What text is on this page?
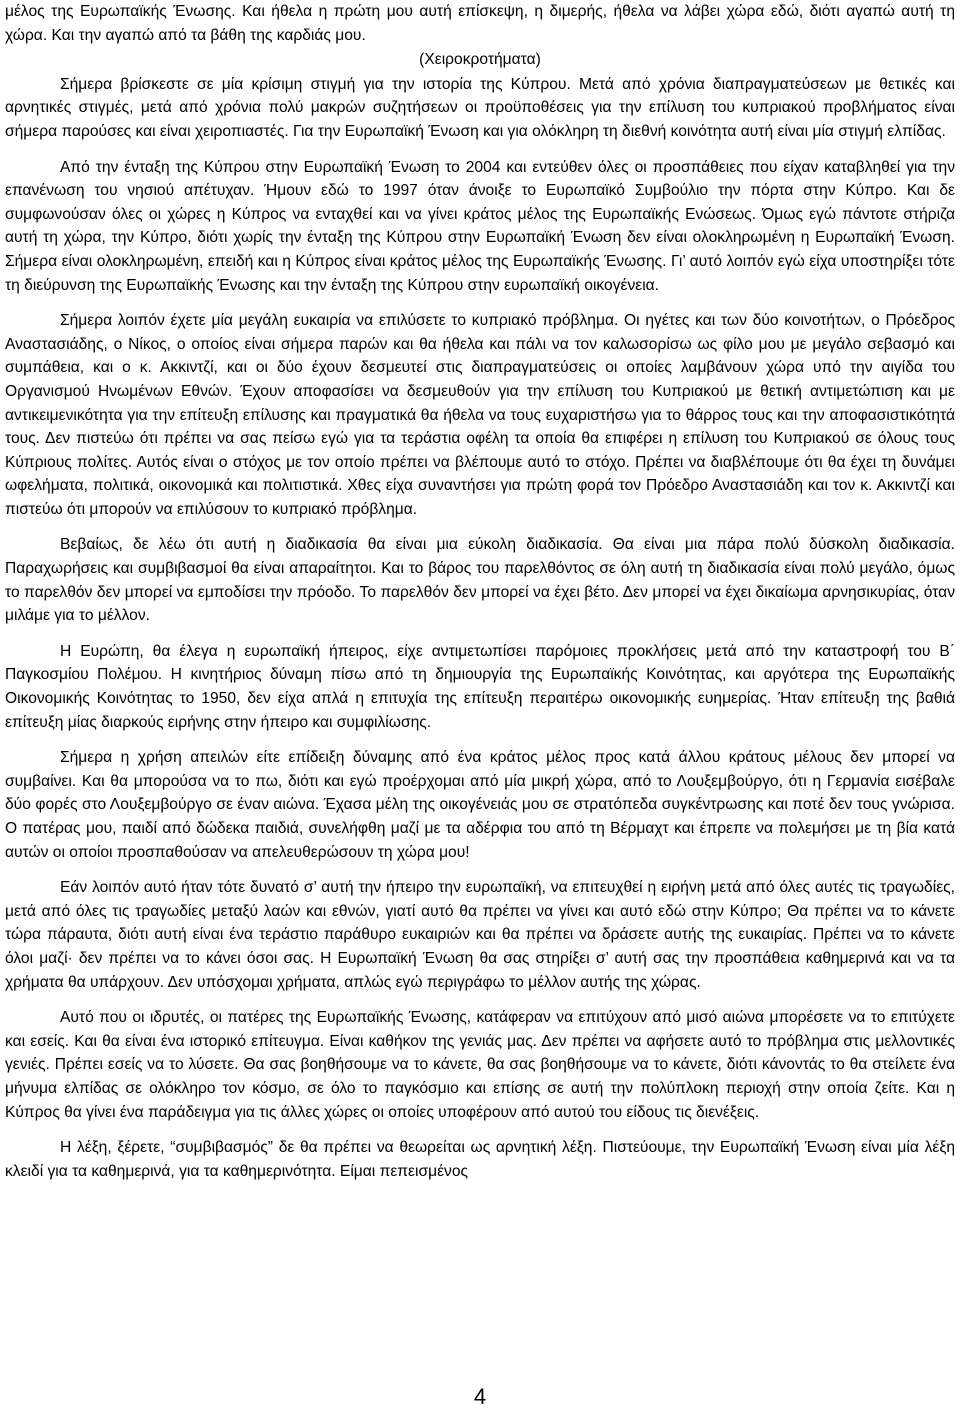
μέλος της Ευρωπαϊκής Ένωσης. Και ήθελα η πρώτη μου αυτή επίσκεψη, η διμερής, ήθελα να λάβει χώρα εδώ, διότι αγαπώ αυτή τη χώρα. Και την αγαπώ από τα βάθη της καρδιάς μου.

(Χειροκροτήματα)

Σήμερα βρίσκεστε σε μία κρίσιμη στιγμή για την ιστορία της Κύπρου. Μετά από χρόνια διαπραγματεύσεων με θετικές και αρνητικές στιγμές, μετά από χρόνια πολύ μακρών συζητήσεων οι προϋποθέσεις για την επίλυση του κυπριακού προβλήματος είναι σήμερα παρούσες και είναι χειροπιαστές. Για την Ευρωπαϊκή Ένωση και για ολόκληρη τη διεθνή κοινότητα αυτή είναι μία στιγμή ελπίδας.

Από την ένταξη της Κύπρου στην Ευρωπαϊκή Ένωση το 2004 και εντεύθεν όλες οι προσπάθειες που είχαν καταβληθεί για την επανένωση του νησιού απέτυχαν. Ήμουν εδώ το 1997 όταν άνοιξε το Ευρωπαϊκό Συμβούλιο την πόρτα στην Κύπρο. Και δε συμφωνούσαν όλες οι χώρες η Κύπρος να ενταχθεί και να γίνει κράτος μέλος της Ευρωπαϊκής Ενώσεως. Όμως εγώ πάντοτε στήριζα αυτή τη χώρα, την Κύπρο, διότι χωρίς την ένταξη της Κύπρου στην Ευρωπαϊκή Ένωση δεν είναι ολοκληρωμένη η Ευρωπαϊκή Ένωση. Σήμερα είναι ολοκληρωμένη, επειδή και η Κύπρος είναι κράτος μέλος της Ευρωπαϊκής Ένωσης. Γι’ αυτό λοιπόν εγώ είχα υποστηρίξει τότε τη διεύρυνση της Ευρωπαϊκής Ένωσης και την ένταξη της Κύπρου στην ευρωπαϊκή οικογένεια.

Σήμερα λοιπόν έχετε μία μεγάλη ευκαιρία να επιλύσετε το κυπριακό πρόβλημα. Οι ηγέτες και των δύο κοινοτήτων, ο Πρόεδρος Αναστασιάδης, ο Νίκος, ο οποίος είναι σήμερα παρών και θα ήθελα και πάλι να τον καλωσορίσω ως φίλο μου με μεγάλο σεβασμό και συμπάθεια, και ο κ. Ακκιντζί, και οι δύο έχουν δεσμευτεί στις διαπραγματεύσεις οι οποίες λαμβάνουν χώρα υπό την αιγίδα του Οργανισμού Ηνωμένων Εθνών. Έχουν αποφασίσει να δεσμευθούν για την επίλυση του Κυπριακού με θετική αντιμετώπιση και με αντικειμενικότητα για την επίτευξη επίλυσης και πραγματικά θα ήθελα να τους ευχαριστήσω για το θάρρος τους και την αποφασιστικότητά τους. Δεν πιστεύω ότι πρέπει να σας πείσω εγώ για τα τεράστια οφέλη τα οποία θα επιφέρει η επίλυση του Κυπριακού σε όλους τους Κύπριους πολίτες. Αυτός είναι ο στόχος με τον οποίο πρέπει να βλέπουμε αυτό το στόχο. Πρέπει να διαβλέπουμε ότι θα έχει τη δυνάμει ωφελήματα, πολιτικά, οικονομικά και πολιτιστικά. Χθες είχα συναντήσει για πρώτη φορά τον Πρόεδρο Αναστασιάδη και τον κ. Ακκιντζί και πιστεύω ότι μπορούν να επιλύσουν το κυπριακό πρόβλημα.

Βεβαίως, δε λέω ότι αυτή η διαδικασία θα είναι μια εύκολη διαδικασία. Θα είναι μια πάρα πολύ δύσκολη διαδικασία. Παραχωρήσεις και συμβιβασμοί θα είναι απαραίτητοι. Και το βάρος του παρελθόντος σε όλη αυτή τη διαδικασία είναι πολύ μεγάλο, όμως το παρελθόν δεν μπορεί να εμποδίσει την πρόοδο. Το παρελθόν δεν μπορεί να έχει βέτο. Δεν μπορεί να έχει δικαίωμα αρνησικυρίας, όταν μιλάμε για το μέλλον.

Η Ευρώπη, θα έλεγα η ευρωπαϊκή ήπειρος, είχε αντιμετωπίσει παρόμοιες προκλήσεις μετά από την καταστροφή του Β΄ Παγκοσμίου Πολέμου. Η κινητήριος δύναμη πίσω από τη δημιουργία της Ευρωπαϊκής Κοινότητας, και αργότερα της Ευρωπαϊκής Οικονομικής Κοινότητας το 1950, δεν είχα απλά η επιτυχία της επίτευξη περαιτέρω οικονομικής ευημερίας. Ήταν επίτευξη της βαθιά επίτευξη μίας διαρκούς ειρήνης στην ήπειρο και συμφιλίωσης.

Σήμερα η χρήση απειλών είτε επίδειξη δύναμης από ένα κράτος μέλος προς κατά άλλου κράτους μέλους δεν μπορεί να συμβαίνει. Και θα μπορούσα να το πω, διότι και εγώ προέρχομαι από μία μικρή χώρα, από το Λουξεμβούργο, ότι η Γερμανία εισέβαλε δύο φορές στο Λουξεμβούργο σε έναν αιώνα. Έχασα μέλη της οικογένειάς μου σε στρατόπεδα συγκέντρωσης και ποτέ δεν τους γνώρισα. Ο πατέρας μου, παιδί από δώδεκα παιδιά, συνελήφθη μαζί με τα αδέρφια του από τη Βέρμαχτ και έπρεπε να πολεμήσει με τη βία κατά αυτών οι οποίοι προσπαθούσαν να απελευθερώσουν τη χώρα μου!

Εάν λοιπόν αυτό ήταν τότε δυνατό σ’ αυτή την ήπειρο την ευρωπαϊκή, να επιτευχθεί η ειρήνη μετά από όλες αυτές τις τραγωδίες, μετά από όλες τις τραγωδίες μεταξύ λαών και εθνών, γιατί αυτό θα πρέπει να γίνει και αυτό εδώ στην Κύπρο; Θα πρέπει να το κάνετε τώρα πάραυτα, διότι αυτή είναι ένα τεράστιο παράθυρο ευκαιριών και θα πρέπει να δράσετε αυτής της ευκαιρίας. Πρέπει να το κάνετε όλοι μαζί· δεν πρέπει να το κάνει όσοι σας. Η Ευρωπαϊκή Ένωση θα σας στηρίξει σ’ αυτή σας την προσπάθεια καθημερινά και να τα χρήματα θα υπάρχουν. Δεν υπόσχομαι χρήματα, απλώς εγώ περιγράφω το μέλλον αυτής της χώρας.

Αυτό που οι ιδρυτές, οι πατέρες της Ευρωπαϊκής Ένωσης, κατάφεραν να επιτύχουν από μισό αιώνα μπορέσετε να το επιτύχετε και εσείς. Και θα είναι ένα ιστορικό επίτευγμα. Είναι καθήκον της γενιάς μας. Δεν πρέπει να αφήσετε αυτό το πρόβλημα στις μελλοντικές γενιές. Πρέπει εσείς να το λύσετε. Θα σας βοηθήσουμε να το κάνετε, θα σας βοηθήσουμε να το κάνετε, διότι κάνοντάς το θα στείλετε ένα μήνυμα ελπίδας σε ολόκληρο τον κόσμο, σε όλο το παγκόσμιο και επίσης σε αυτή την πολύπλοκη περιοχή στην οποία ζείτε. Και η Κύπρος θα γίνει ένα παράδειγμα για τις άλλες χώρες οι οποίες υποφέρουν από αυτού του είδους τις διενέξεις.

Η λέξη, ξέρετε, “συμβιβασμός” δε θα πρέπει να θεωρείται ως αρνητική λέξη. Πιστεύουμε, την Ευρωπαϊκή Ένωση είναι μία λέξη κλειδί για τα καθημερινά, για τα καθημερινότητα. Είμαι πεπεισμένος

4
